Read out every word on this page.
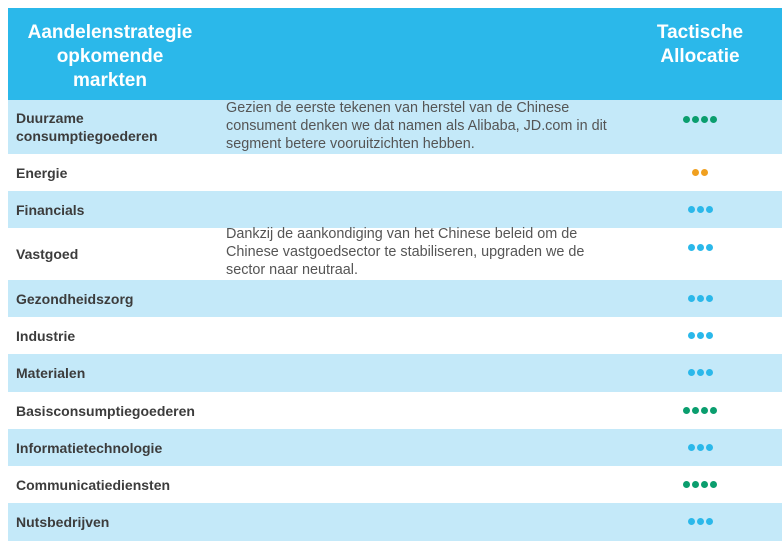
Aandelenstrategie
opkomende
markten
Tactische
Allocatie
Duurzame
consumptiegoederen
Gezien de eerste tekenen van herstel van de Chinese
consument denken we dat namen als Alibaba, JD.com in dit
segment betere vooruitzichten hebben.
Energie
Financials
Vastgoed
Dankzij de aankondiging van het Chinese beleid om de
Chinese vastgoedsector te stabiliseren, upgraden we de
sector naar neutraal.
Gezondheidszorg
Industrie
Materialen
Basisconsumptiegoederen
Informatietechnologie
Communicatiediensten
Nutsbedrijven
